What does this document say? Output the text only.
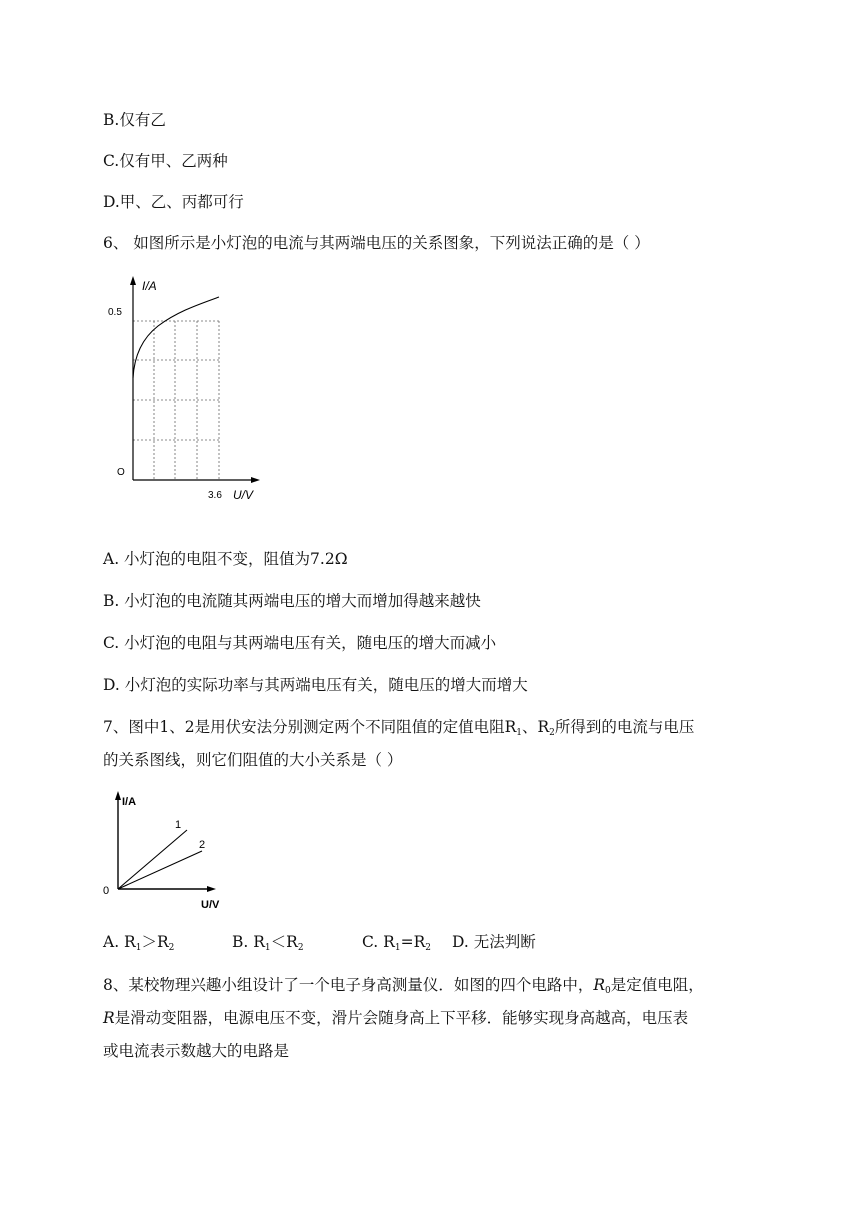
B.仅有乙
C.仅有甲、乙两种
D.甲、乙、丙都可行
6、 如图所示是小灯泡的电流与其两端电压的关系图象，下列说法正确的是（ ）
I/A
0.5
O
3.6 U/V
A. 小灯泡的电阻不变，阻值为7.2Ω
B. 小灯泡的电流随其两端电压的增大而增加得越来越快
C. 小灯泡的电阻与其两端电压有关，随电压的增大而减小
D. 小灯泡的实际功率与其两端电压有关，随电压的增大而增大
7、图中1、2是用伏安法分别测定两个不同阻值的定值电阻$R_1$、$R_2$所得到的电流与电压
的关系图线，则它们阻值的大小关系是（ ）
I/A
1
2
0
U/V
A. $R_1>R_2$	B. $R_1<R_2$	C. $R_1=R_2$ D. 无法判断
8、某校物理兴趣小组设计了一个电子身高测量仪．如图的四个电路中，$R_0$是定值电阻，
R是滑动变阻器，电源电压不变，滑片会随身高上下平移．能够实现身高越高，电压表
或电流表示数越大的电路是
